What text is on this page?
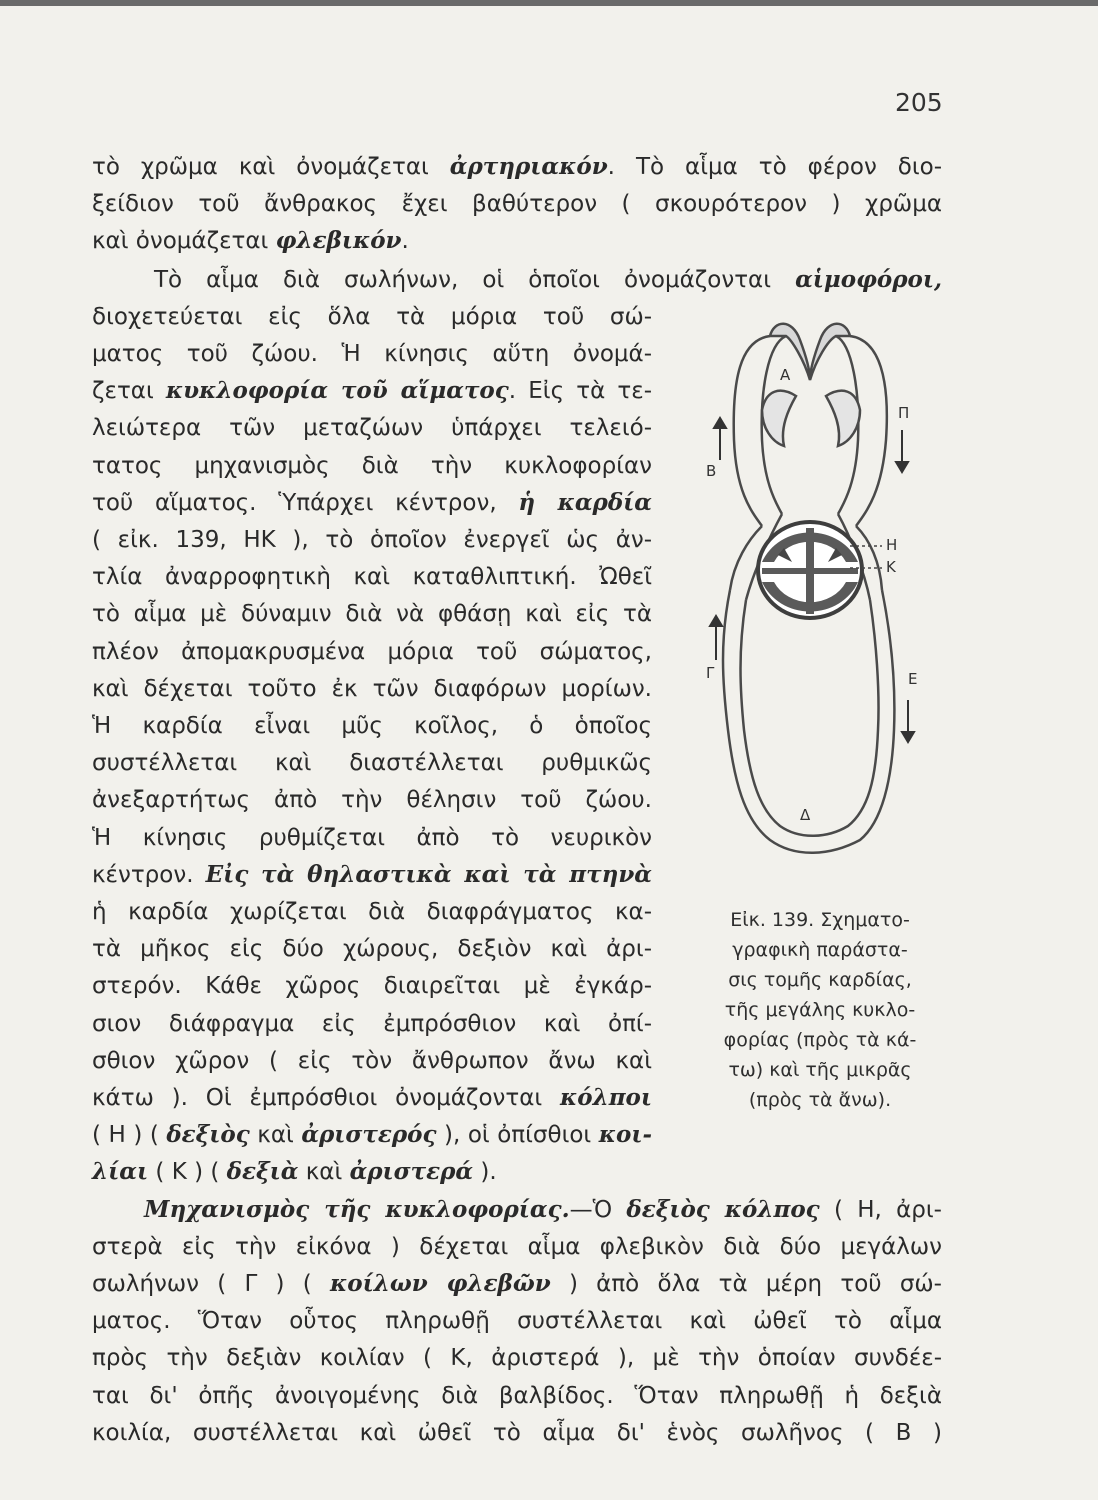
205
τὸ χρῶμα καὶ ὀνομάζεται ἀρτηριακόν. Τὸ αἷμα τὸ φέρον διο-
ξείδιον τοῦ ἄνθρακος ἔχει βαθύτερον ( σκουρότερον ) χρῶμα
καὶ ὀνομάζεται φλεβικόν.
Τὸ αἷμα διὰ σωλήνων, οἱ ὁποῖοι ὀνομάζονται αἱμοφόροι,
διοχετεύεται εἰς ὅλα τὰ μόρια τοῦ σώ-
ματος τοῦ ζώου. Ἡ κίνησις αὕτη ὀνομά-
ζεται κυκλοφορία τοῦ αἵματος. Εἰς τὰ τε-
λειώτερα τῶν μεταζώων ὑπάρχει τελειό-
τατος μηχανισμὸς διὰ τὴν κυκλοφορίαν
τοῦ αἵματος. Ὑπάρχει κέντρον, ἡ καρδία
( εἰκ. 139, ΗΚ ), τὸ ὁποῖον ἐνεργεῖ ὡς ἀν-
τλία ἀναρροφητικὴ καὶ καταθλιπτική. Ὠθεῖ
τὸ αἷμα μὲ δύναμιν διὰ νὰ φθάσῃ καὶ εἰς τὰ
πλέον ἀπομακρυσμένα μόρια τοῦ σώματος,
καὶ δέχεται τοῦτο ἐκ τῶν διαφόρων μορίων.
Ἡ καρδία εἶναι μῦς κοῖλος, ὁ ὁποῖος
συστέλλεται καὶ διαστέλλεται ρυθμικῶς
ἀνεξαρτήτως ἀπὸ τὴν θέλησιν τοῦ ζώου.
Ἡ κίνησις ρυθμίζεται ἀπὸ τὸ νευρικὸν
κέντρον. Εἰς τὰ θηλαστικὰ καὶ τὰ πτηνὰ
ἡ καρδία χωρίζεται διὰ διαφράγματος κα-
τὰ μῆκος εἰς δύο χώρους, δεξιὸν καὶ ἀρι-
στερόν. Κάθε χῶρος διαιρεῖται μὲ ἐγκάρ-
σιον διάφραγμα εἰς ἐμπρόσθιον καὶ ὀπί-
σθιον χῶρον ( εἰς τὸν ἄνθρωπον ἄνω καὶ
κάτω ). Οἱ ἐμπρόσθιοι ὀνομάζονται κόλποι
( Η ) ( δεξιὸς καὶ ἀριστερός ), οἱ ὀπίσθιοι κοι-
λίαι ( Κ ) ( δεξιὰ καὶ ἀριστερά ).
Μηχανισμὸς τῆς κυκλοφορίας.—Ὁ δεξιὸς κόλπος ( Η, ἀρι-
στερὰ εἰς τὴν εἰκόνα ) δέχεται αἷμα φλεβικὸν διὰ δύο μεγάλων
σωλήνων ( Γ ) ( κοίλων φλεβῶν ) ἀπὸ ὅλα τὰ μέρη τοῦ σώ-
ματος. Ὅταν οὗτος πληρωθῇ συστέλλεται καὶ ὠθεῖ τὸ αἷμα
πρὸς τὴν δεξιὰν κοιλίαν ( Κ, ἀριστερά ), μὲ τὴν ὁποίαν συνδέε-
ται δι' ὀπῆς ἀνοιγομένης διὰ βαλβίδος. Ὅταν πληρωθῇ ἡ δεξιὰ
κοιλία, συστέλλεται καὶ ὠθεῖ τὸ αἷμα δι' ἑνὸς σωλῆνος ( Β )
Α
Π
Β
Η
Κ
Γ	Ε
Δ
Εἰκ. 139. Σχηματο-
γραφικὴ παράστα-
σις τομῆς καρδίας,
τῆς μεγάλης κυκλο-
φορίας (πρὸς τὰ κά-
τω) καὶ τῆς μικρᾶς
(πρὸς τὰ ἄνω).
